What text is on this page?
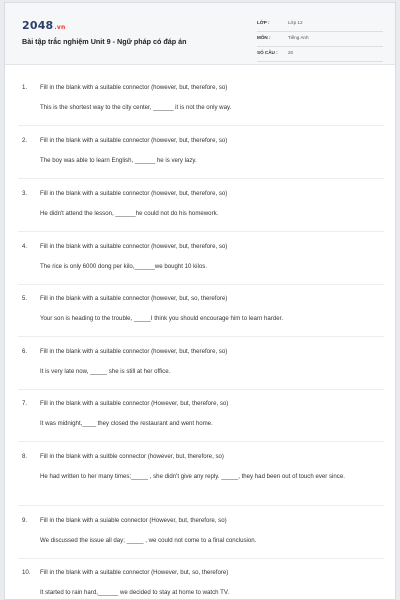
2048.vn
Bài tập trắc nghiệm Unit 9 - Ngữ pháp có đáp án
LỚP :	Lớp 12
MÔN :	Tiếng Anh
SỐ CÂU : 20
1. Fill in the blank with a suitable connector (however, but, therefore, so)
This is the shortest way to the city center, ______ it is not the only way.
2. Fill in the blank with a suitable connector (however, but, therefore, so)
The boy was able to learn English, ______ he is very lazy.
3. Fill in the blank with a suitable connector (however, but, therefore, so)
He didn't attend the lesson, ______he could not do his homework.
4. Fill in the blank with a suitable connector (however, but, therefore, so)
The rice is only 6000 dong per kilo,______we bought 10 kilos.
5. Fill in the blank with a suitable connector (however, but, so, therefore)
Your son is heading to the trouble, _____I think you should encourage him to learn harder.
6. Fill in the blank with a suitable connector (however, but, therefore, so)
It is very late now, _____ she is still at her office.
7. Fill in the blank with a suitable connector (However, but, therefore, so)
It was midnight,____ they closed the restaurant and went home.
8. Fill in the blank with a suitble connector (however, but, therefore, so)
He had written to her many times;_____ , she didn't give any reply. _____, they had been out of touch ever since.
9. Fill in the blank with a suiable connector (However, but, therefore, so)
We discussed the issue all day; _____ , we could not come to a final conclusion.
10. Fill in the blank with a suitable connector (However, but, so, therefore)
It started to rain hard,______ we decided to stay at home to watch TV.
